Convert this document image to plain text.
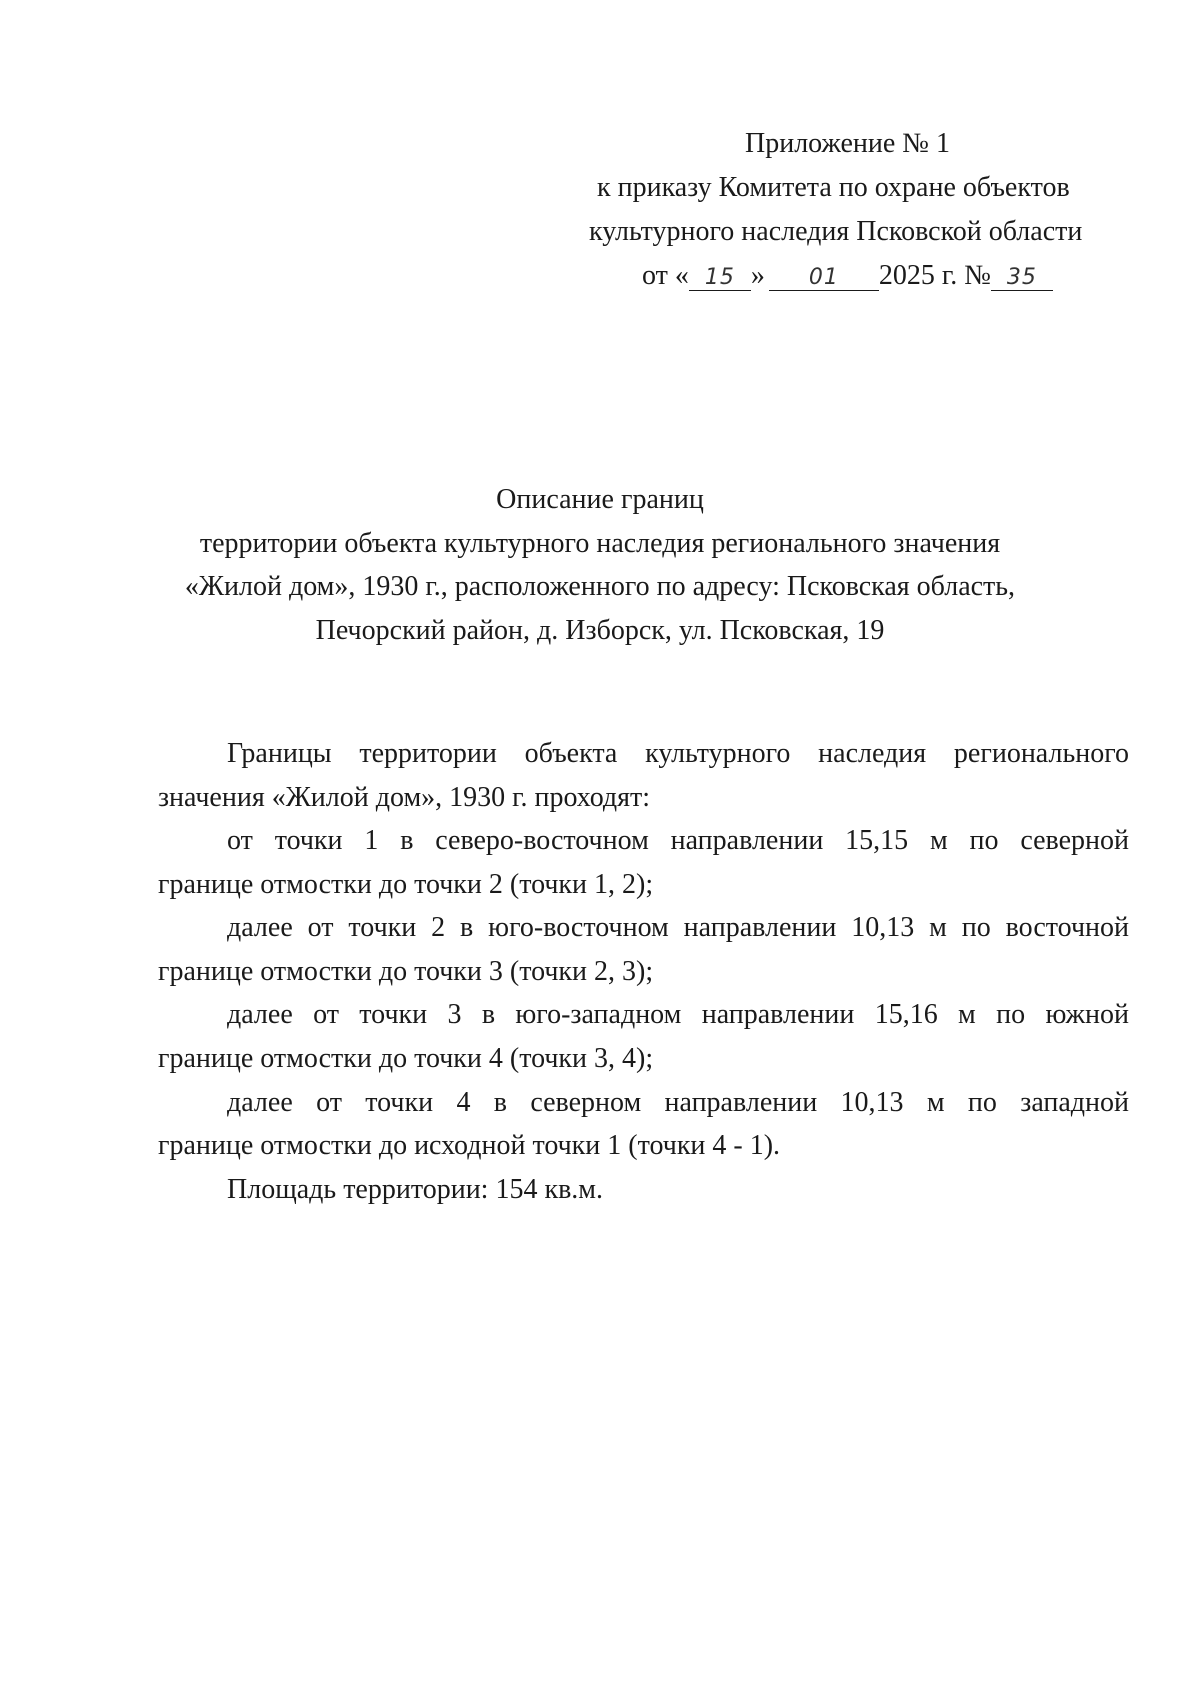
Приложение № 1
к приказу Комитета по охране объектов
культурного наследия Псковской области
от « 15 » 01 2025 г. № 35
Описание границ
территории объекта культурного наследия регионального значения
«Жилой дом», 1930 г., расположенного по адресу: Псковская область,
Печорский район, д. Изборск, ул. Псковская, 19
Границы территории объекта культурного наследия регионального
значения «Жилой дом», 1930 г. проходят:
от точки 1 в северо-восточном направлении 15,15 м по северной
границе отмостки до точки 2 (точки 1, 2);
далее от точки 2 в юго-восточном направлении 10,13 м по восточной
границе отмостки до точки 3 (точки 2, 3);
далее от точки 3 в юго-западном направлении 15,16 м по южной
границе отмостки до точки 4 (точки 3, 4);
далее от точки 4 в северном направлении 10,13 м по западной
границе отмостки до исходной точки 1 (точки 4 - 1).
Площадь территории: 154 кв.м.
